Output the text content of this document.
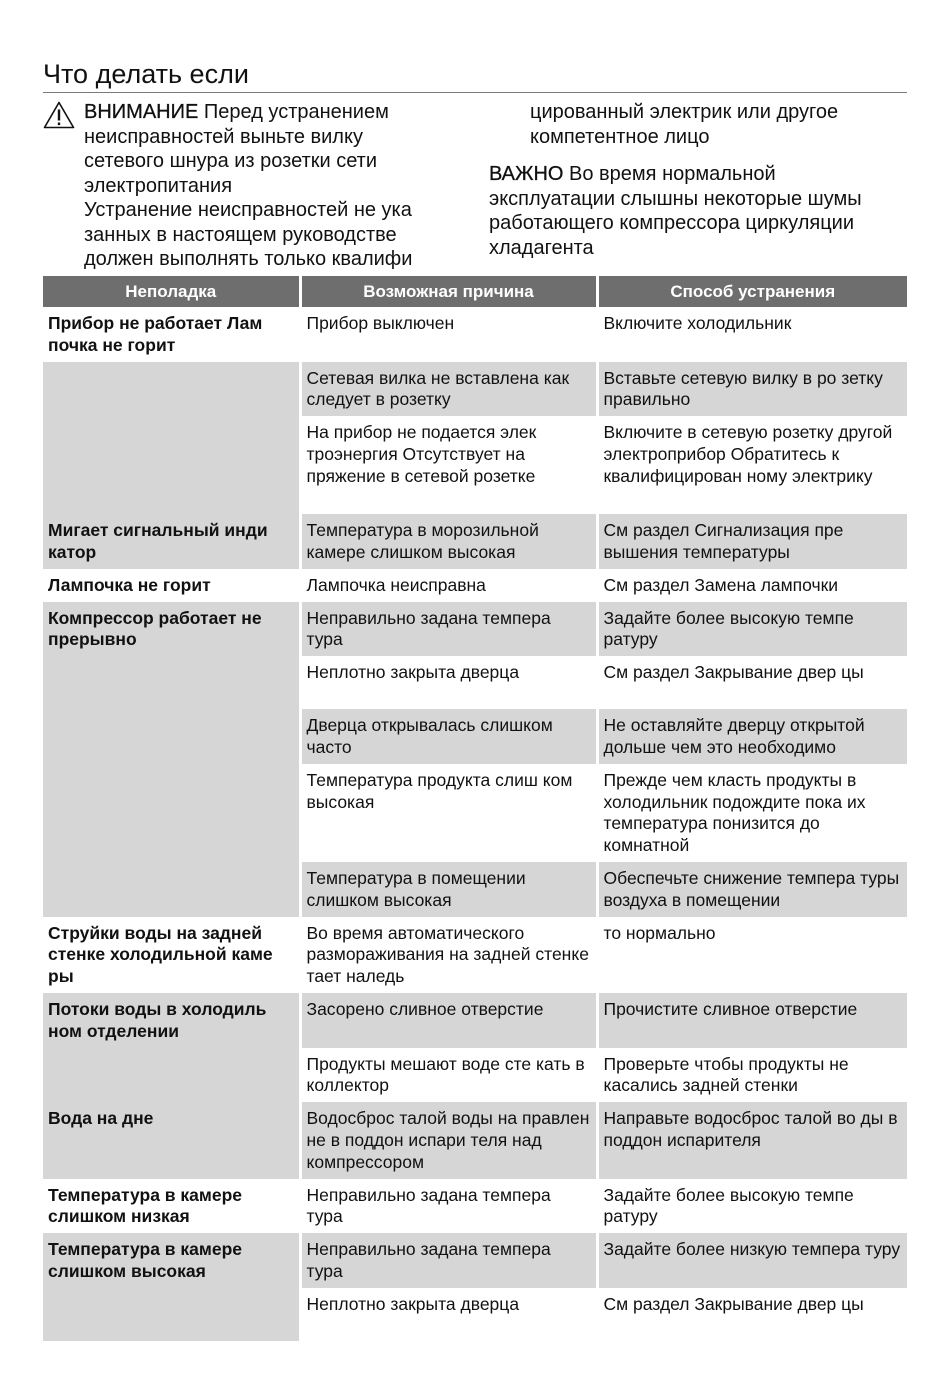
Что делать если
ВНИМАНИЕ Перед устранением
неисправностей выньте вилку
сетевого шнура из розетки сети
электропитания
Устранение неисправностей не ука
занных в настоящем руководстве
должен выполнять только квалифи
цированный электрик или другое
компетентное лицо
ВАЖНО Во время нормальной
эксплуатации слышны некоторые шумы
работающего компрессора циркуляции
хладагента
Неполадка	Возможная причина	Способ устранения

Прибор не работает Лам почка не горит	Прибор выключен	Включите холодильник

	Сетевая вилка не вставлена как следует в розетку	Вставьте сетевую вилку в ро зетку правильно

	На прибор не подается элек троэнергия Отсутствует на пряжение в сетевой розетке	Включите в сетевую розетку другой электроприбор Обратитесь к квалифицирован ному электрику

Мигает сигнальный инди катор	Температура в морозильной камере слишком высокая	См раздел Сигнализация пре вышения температуры

Лампочка не горит	Лампочка неисправна	См раздел Замена лампочки

Компрессор работает не прерывно	Неправильно задана темпера тура	Задайте более высокую темпе ратуру

	Неплотно закрыта дверца	См раздел Закрывание двер цы

	Дверца открывалась слишком часто	Не оставляйте дверцу открытой дольше чем это необходимо

	Температура продукта слиш ком высокая	Прежде чем класть продукты в холодильник подождите пока их температура понизится до комнатной

	Температура в помещении слишком высокая	Обеспечьте снижение темпера туры воздуха в помещении

Струйки воды на задней стенке холодильной каме ры	Во время автоматического размораживания на задней стенке тает наледь	то нормально

Потоки воды в холодиль ном отделении	Засорено сливное отверстие	Прочистите сливное отверстие

	Продукты мешают воде сте кать в коллектор	Проверьте чтобы продукты не касались задней стенки

Вода на дне	Водосброс талой воды на правлен не в поддон испари теля над компрессором	Направьте водосброс талой во ды в поддон испарителя

Температура в камере слишком низкая	Неправильно задана темпера тура	Задайте более высокую темпе ратуру

Температура в камере слишком высокая	Неправильно задана темпера тура	Задайте более низкую темпера туру

	Неплотно закрыта дверца	См раздел Закрывание двер цы
